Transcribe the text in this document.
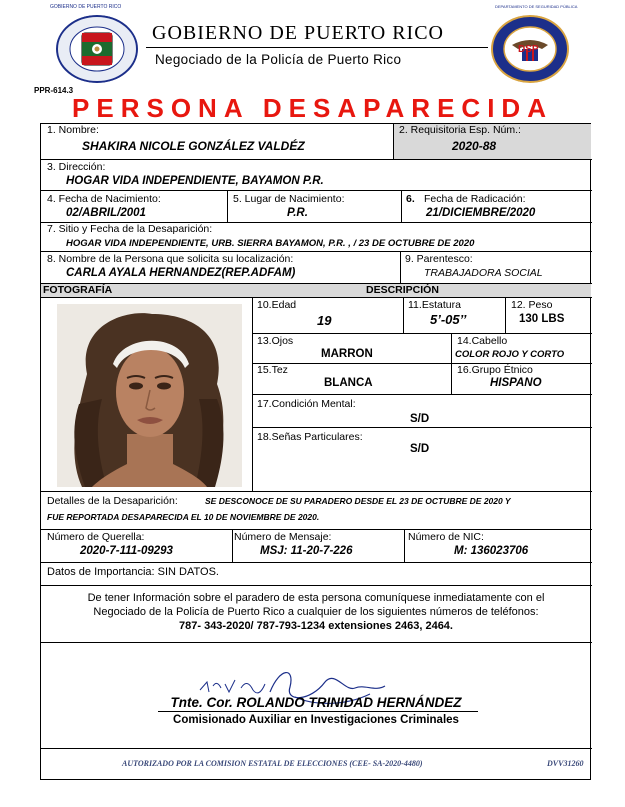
GOBIERNO DE PUERTO RICO
GOBIERNO DE PUERTO RICO
Negociado de la Policía de Puerto Rico
DEPARTAMENTO DE SEGURIDAD PÚBLICA
DSP
PPR-614.3
PERSONA DESAPARECIDA
1. Nombre:
SHAKIRA NICOLE GONZÁLEZ VALDÉZ
2. Requisitoria Esp. Núm.:
2020-88
3. Dirección:
HOGAR VIDA INDEPENDIENTE, BAYAMON P.R.
4. Fecha de Nacimiento:
02/ABRIL/2001
5. Lugar de Nacimiento:
P.R.
6. Fecha de Radicación:
21/DICIEMBRE/2020
7. Sitio y Fecha de la Desaparición:
HOGAR VIDA INDEPENDIENTE, URB. SIERRA BAYAMON, P.R. , / 23 DE OCTUBRE DE 2020
8. Nombre de la Persona que solicita su localización:
CARLA AYALA HERNANDEZ(REP.ADFAM)
9. Parentesco:
TRABAJADORA SOCIAL
FOTOGRAFÍA	DESCRIPCIÓN
10.Edad
19
11.Estatura
5’-05’’
12. Peso
130 LBS
13.Ojos
MARRON
14.Cabello
COLOR ROJO Y CORTO
15.Tez
BLANCA
16.Grupo Étnico
HISPANO
17.Condición Mental:
S/D
18.Señas Particulares:
S/D
Detalles de la Desaparición:	SE DESCONOCE DE SU PARADERO DESDE EL 23 DE OCTUBRE DE 2020 Y
FUE REPORTADA DESAPARECIDA EL 10 DE NOVIEMBRE DE 2020.
Número de Querella:
2020-7-111-09293
Número de Mensaje:
MSJ: 11-20-7-226
Número de NIC:
M: 136023706
Datos de Importancia: SIN DATOS.
De tener Información sobre el paradero de esta persona comuníquese inmediatamente con el
Negociado de la Policía de Puerto Rico a cualquier de los siguientes números de teléfonos:
787- 343-2020/ 787-793-1234 extensiones 2463, 2464.
Tnte. Cor. ROLANDO TRINIDAD HERNÁNDEZ
Comisionado Auxiliar en Investigaciones Criminales
AUTORIZADO POR LA COMISION ESTATAL DE ELECCIONES (CEE- SA-2020-4480)	DVV31260
